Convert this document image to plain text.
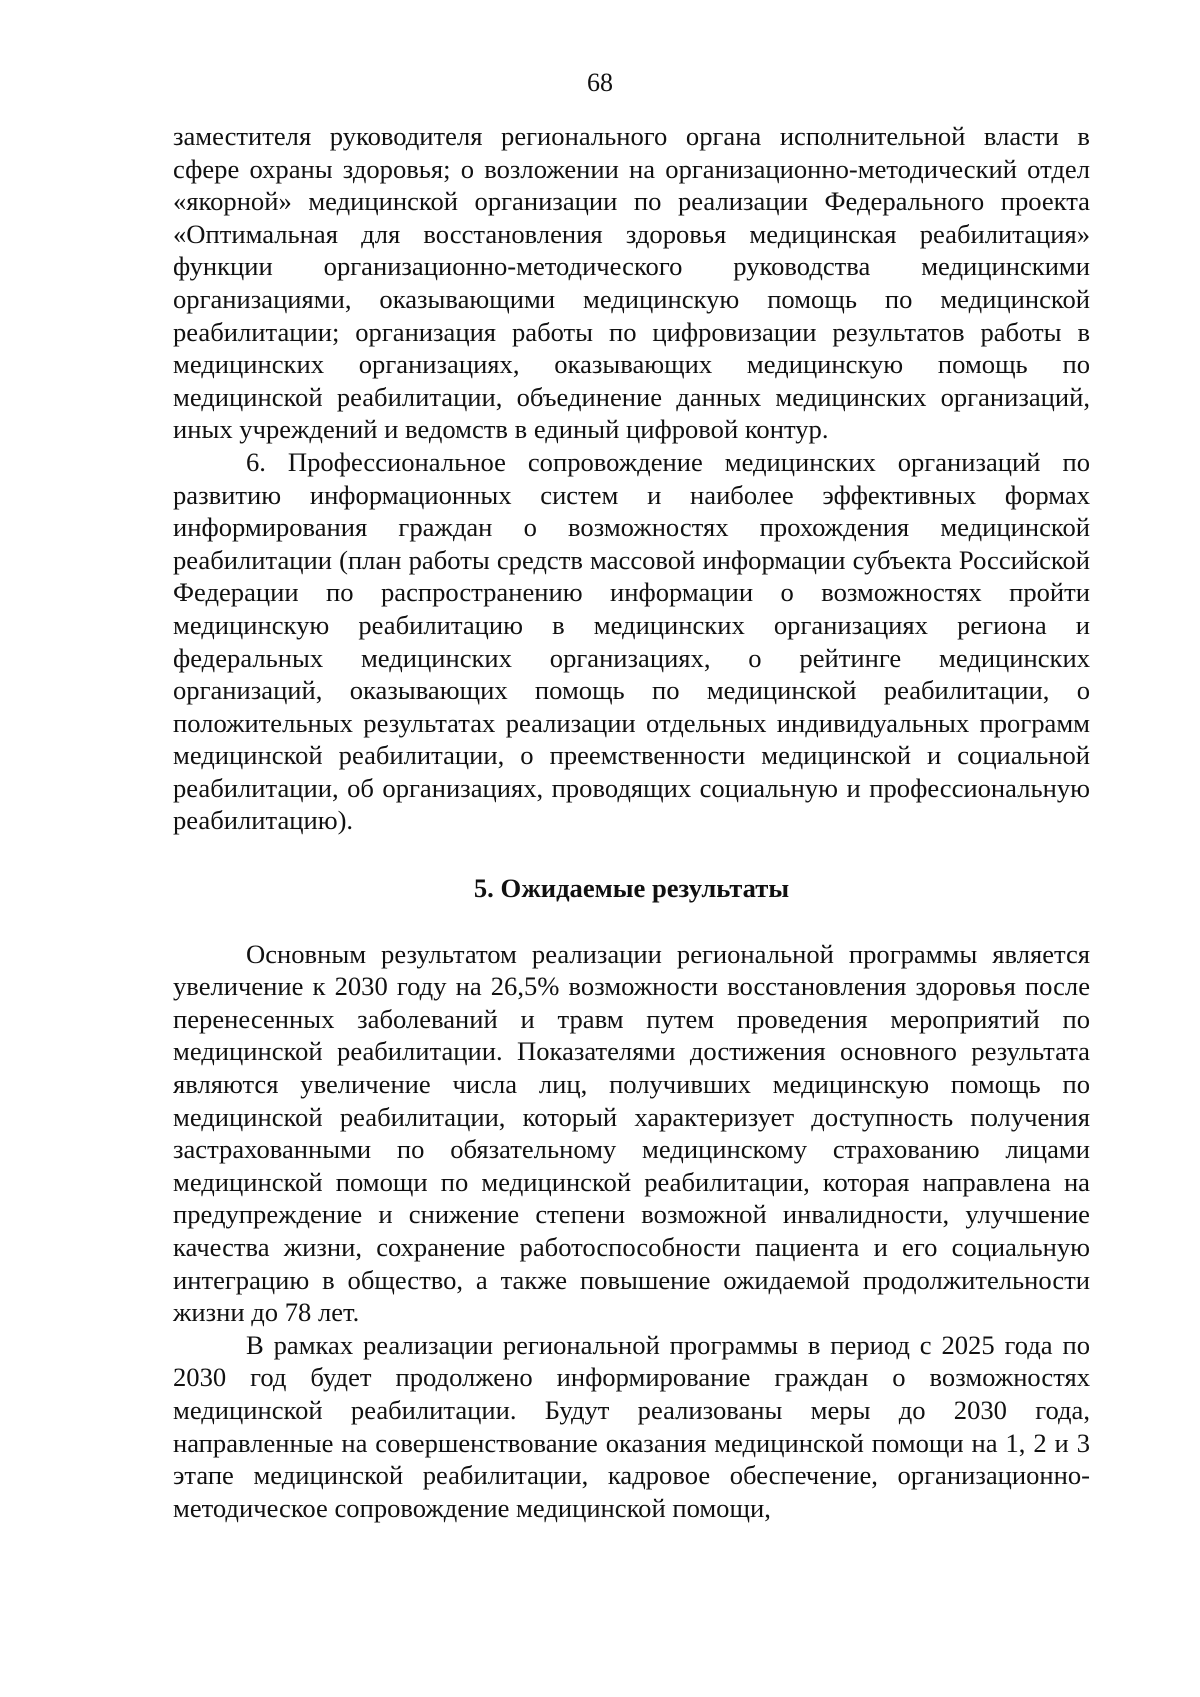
68

заместителя руководителя регионального органа исполнительной власти в сфере охраны здоровья; о возложении на организационно-методический отдел «якорной» медицинской организации по реализации Федерального проекта «Оптимальная для восстановления здоровья медицинская реабилитация» функции организационно-методического руководства медицинскими организациями, оказывающими медицинскую помощь по медицинской реабилитации; организация работы по цифровизации результатов работы в медицинских организациях, оказывающих медицинскую помощь по медицинской реабилитации, объединение данных медицинских организаций, иных учреждений и ведомств в единый цифровой контур.

6. Профессиональное сопровождение медицинских организаций по развитию информационных систем и наиболее эффективных формах информирования граждан о возможностях прохождения медицинской реабилитации (план работы средств массовой информации субъекта Российской Федерации по распространению информации о возможностях пройти медицинскую реабилитацию в медицинских организациях региона и федеральных медицинских организациях, о рейтинге медицинских организаций, оказывающих помощь по медицинской реабилитации, о положительных результатах реализации отдельных индивидуальных программ медицинской реабилитации, о преемственности медицинской и социальной реабилитации, об организациях, проводящих социальную и профессиональную реабилитацию).

5. Ожидаемые результаты

Основным результатом реализации региональной программы является увеличение к 2030 году на 26,5% возможности восстановления здоровья после перенесенных заболеваний и травм путем проведения мероприятий по медицинской реабилитации. Показателями достижения основного результата являются увеличение числа лиц, получивших медицинскую помощь по медицинской реабилитации, который характеризует доступность получения застрахованными по обязательному медицинскому страхованию лицами медицинской помощи по медицинской реабилитации, которая направлена на предупреждение и снижение степени возможной инвалидности, улучшение качества жизни, сохранение работоспособности пациента и его социальную интеграцию в общество, а также повышение ожидаемой продолжительности жизни до 78 лет.

В рамках реализации региональной программы в период с 2025 года по 2030 год будет продолжено информирование граждан о возможностях медицинской реабилитации. Будут реализованы меры до 2030 года, направленные на совершенствование оказания медицинской помощи на 1, 2 и 3 этапе медицинской реабилитации, кадровое обеспечение, организационно-методическое сопровождение медицинской помощи,
